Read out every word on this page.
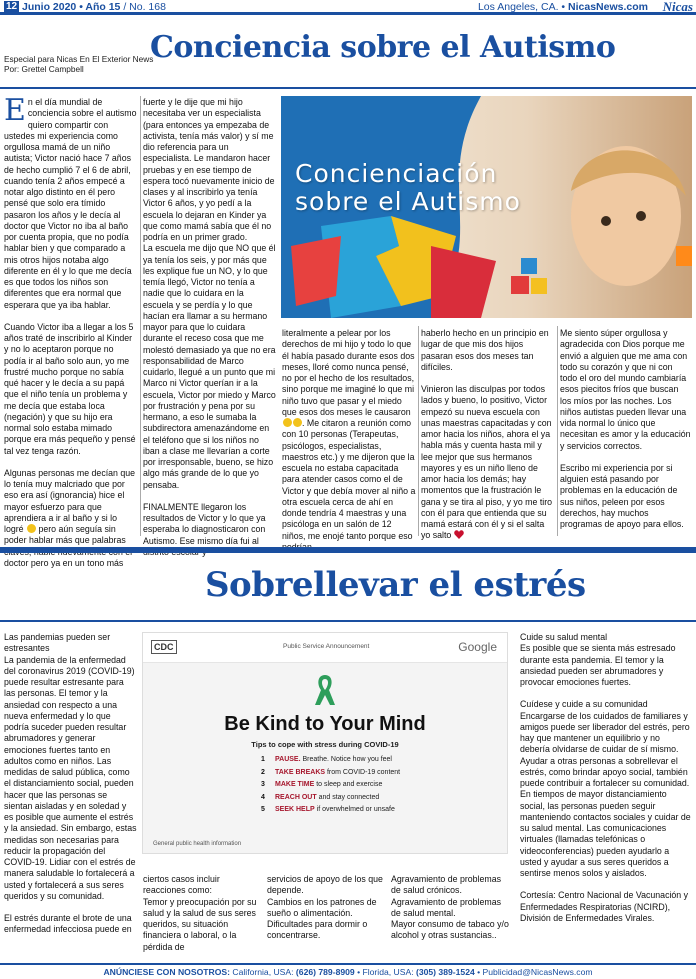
12 Junio 2020 • Año 15 / No. 168	Los Angeles, CA. • NicasNews.com Nicas
Especial para Nicas En El Exterior News
Por: Grettel Campbell
Conciencia sobre el Autismo

En el día mundial de conciencia sobre el autismo quiero compartir con ustedes mi experiencia como orgullosa mamá de un niño autista; Victor nació hace 7 años de hecho cumplió 7 el 6 de abril, cuando tenía 2 años empecé a notar algo distinto en él pero pensé que solo era tímido pasaron los años y le decía al doctor que Victor no iba al baño por cuenta propia, que no podía hablar bien y que comparado a mis otros hijos notaba algo diferente en él y lo que me decía es que todos los niños son diferentes que era normal que esperara que ya iba hablar.

Cuando Victor iba a llegar a los 5 años traté de inscribirlo al Kinder y no lo aceptaron porque no podía ir al baño solo aun, yo me frustré mucho porque no sabía qué hacer y le decía a su papá que el niño tenía un problema y me decía que estaba loca (negación) y que su hijo era normal solo estaba mimado porque era más pequeño y pensé tal vez tenga razón.

Algunas personas me decían que lo tenía muy malcriado que por eso era así (ignorancia) hice el mayor esfuerzo para que aprendiera a ir al baño y si lo logré pero aún seguía sin poder hablar más que palabras doctor pero ya en un tono más

fuerte y le dije que mi hijo necesitaba ver un especialista (para entonces ya empezaba de activista, tenía más valor) y sí me dio referencia para un especialista. Le mandaron hacer pruebas y en ese tiempo de espera tocó nuevamente inicio de clases y al inscribirlo ya tenía Victor 6 años, y yo pedí a la escuela lo dejaran en Kinder ya que como mamá sabía que él no podría en un primer grado.

La escuela me dijo que NO que él ya tenía los seis, y por más que les explique fue un NO, y lo que temía llegó, Victor no tenía a nadie que lo cuidara en la escuela y se perdía y lo que hacían era llamar a su hermano mayor para que lo cuidara durante el receso cosa que me molestó demasiado ya que no era responsabilidad de Marco cuidarlo, llegué a un punto que mi Marco ni Victor querían ir a la escuela, Victor por miedo y Marco por frustración y pena por su hermano, a eso le sumaba la subdirectora amenazándome en el teléfono que si los niños no iban a clase me llevarían a corte por irresponsable, bueno, se hizo algo más grande de lo que yo pensaba.

FINALMENTE llegaron los resultados de Victor y lo que ya esperaba lo diagnosticaron con Autismo. Ese mismo día fui al

Concienciación
sobre el Autismo

literalmente a pelear por los derechos de mi hijo y todo lo que él había pasado durante esos dos meses, lloré como nunca pensé, no por el hecho de los resultados, sino porque me imaginé lo que mi niño tuvo que pasar y el miedo que esos dos meses le causaron . Me citaron a reunión como con 10 personas (Terapeutas, psicólogos, especialistas, maestros etc.) y me dijeron que la escuela no estaba capacitada para atender casos como el de Victor y que debía mover al niño a otra escuela cerca de ahí en donde tendría 4 maestras y una psicóloga en un salón de 12 niños, me enojé tanto porque eso

haberlo hecho en un principio en lugar de que mis dos hijos pasaran esos dos meses tan difíciles.

Vinieron las disculpas por todos lados y bueno, lo positivo, Victor empezó su nueva escuela con unas maestras capacitadas y con amor hacia los niños, ahora el ya habla más y cuenta hasta mil y lee mejor que sus hermanos mayores y es un niño lleno de amor hacia los demás; hay momentos que la frustración le gana y se tira al piso, y yo me tiro con él para que entienda que su mamá estará con él y si el salta yo salto

Me siento súper orgullosa y agradecida con Dios porque me envió a alguien que me ama con todo su corazón y que ni con todo el oro del mundo cambiaría esos piecitos fríos que buscan los míos por las noches. Los niños autistas pueden llevar una vida normal lo único que necesitan es amor y la educación y servicios correctos.

Escribo mi experiencia por si alguien está pasando por problemas en la educación de sus niños, peleen por esos derechos, hay muchos programas de apoyo para ellos.

Sobrellevar el estrés

Las pandemias pueden ser estresantes

La pandemia de la enfermedad del coronavirus 2019 (COVID-19) puede resultar estresante para las personas. El temor y la ansiedad con respecto a una nueva enfermedad y lo que podría suceder pueden resultar abrumadores y generar emociones fuertes tanto en adultos como en niños. Las medidas de salud pública, como el distanciamiento social, pueden hacer que las personas se sientan aisladas y en soledad y es posible que aumente el estrés y la ansiedad. Sin embargo, estas medidas son necesarias para reducir la propagación del COVID-19. Lidiar con el estrés de manera saludable lo fortalecerá a usted y fortalecerá a sus seres queridos y su comunidad.

El estrés durante el brote de una enfermedad infecciosa puede en

CDC	Public Service Announcement	Google
Be Kind to Your Mind
Tips to cope with stress during COVID-19
1 PAUSE. Breathe. Notice how you feel
2 TAKE BREAKS from COVID-19 content
3 MAKE TIME to sleep and exercise
4 REACH OUT and stay connected
5 SEEK HELP if overwhelmed or unsafe
General public health information
ciertos casos incluir reacciones como:
Temor y preocupación por su salud y la salud de sus seres queridos, su situación financiera o laboral, o la pérdida de
servicios de apoyo de los que depende.
Cambios en los patrones de sueño o alimentación.
Dificultades para dormir o concentrarse.
Agravamiento de problemas de salud crónicos.
Agravamiento de problemas de salud mental.
Mayor consumo de tabaco y/o alcohol y otras sustancias..

Cuide su salud mental

Es posible que se sienta más estresado durante esta pandemia. El temor y la ansiedad pueden ser abrumadores y provocar emociones fuertes.

Cuídese y cuide a su comunidad

Encargarse de los cuidados de familiares y amigos puede ser liberador del estrés, pero hay que mantener un equilibrio y no debería olvidarse de cuidar de sí mismo. Ayudar a otras personas a sobrellevar el estrés, como brindar apoyo social, también puede contribuir a fortalecer su comunidad. En tiempos de mayor distanciamiento social, las personas pueden seguir manteniendo contactos sociales y cuidar de su salud mental. Las comunicaciones virtuales (llamadas telefónicas o videoconferencias) pueden ayudarlo a usted y ayudar a sus seres queridos a sentirse menos solos y aislados.

Cortesía: Centro Nacional de Vacunación y Enfermedades Respiratorias (NCIRD), División de Enfermedades Virales.

ANÚNCIESE CON NOSOTROS: California, USA: (626) 789-8909 • Florida, USA: (305) 389-1524 • Publicidad@NicasNews.com
